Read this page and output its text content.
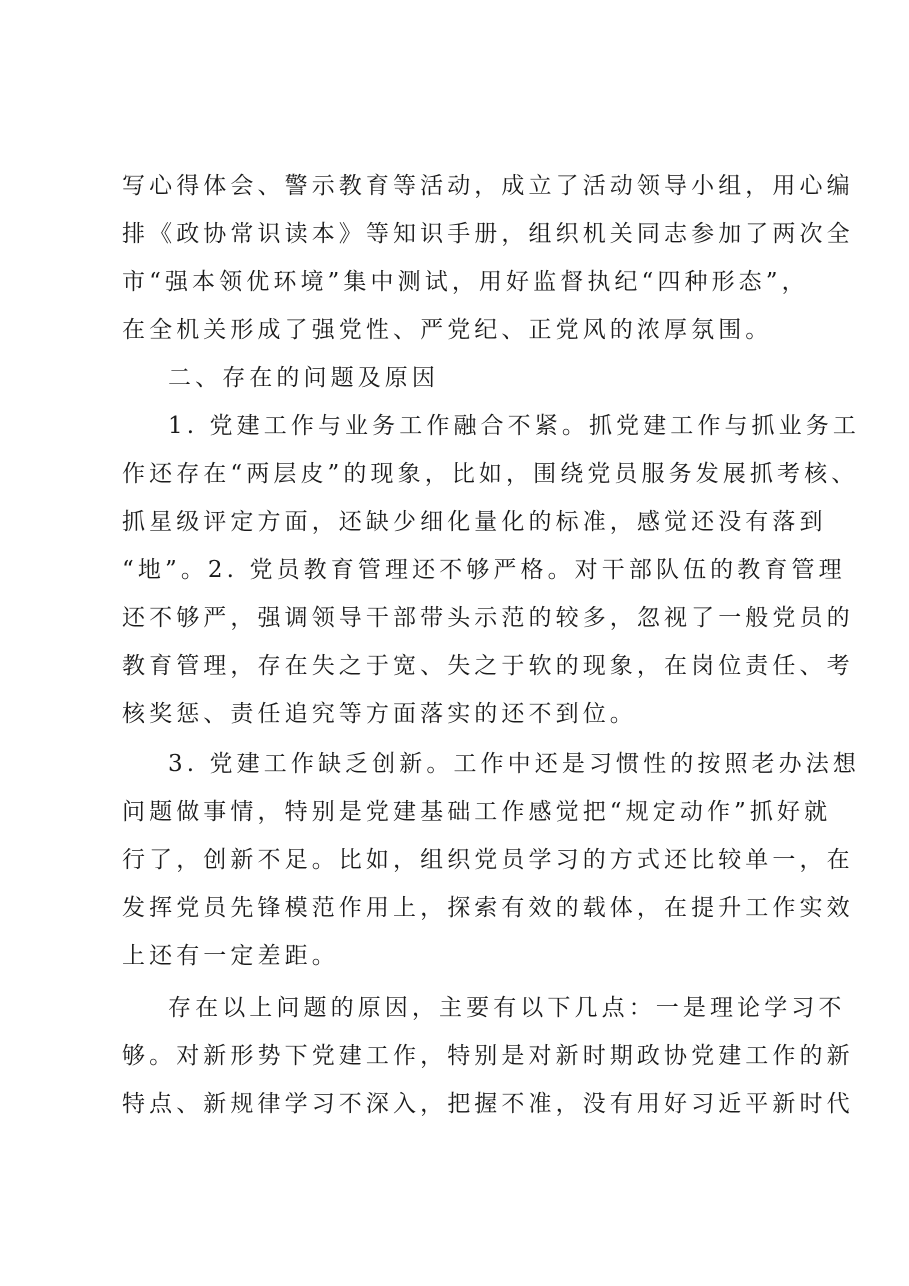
写心得体会、警示教育等活动，成立了活动领导小组，用心编
排《政协常识读本》等知识手册，组织机关同志参加了两次全
市“强本领优环境”集中测试，用好监督执纪“四种形态”，
在全机关形成了强党性、严党纪、正党风的浓厚氛围。

二、存在的问题及原因

1. 党建工作与业务工作融合不紧。抓党建工作与抓业务工
作还存在“两层皮”的现象，比如，围绕党员服务发展抓考核、
抓星级评定方面，还缺少细化量化的标准，感觉还没有落到
“地”。2. 党员教育管理还不够严格。对干部队伍的教育管理
还不够严，强调领导干部带头示范的较多，忽视了一般党员的
教育管理，存在失之于宽、失之于软的现象，在岗位责任、考
核奖惩、责任追究等方面落实的还不到位。

3. 党建工作缺乏创新。工作中还是习惯性的按照老办法想
问题做事情，特别是党建基础工作感觉把“规定动作”抓好就
行了，创新不足。比如，组织党员学习的方式还比较单一，在
发挥党员先锋模范作用上，探索有效的载体，在提升工作实效
上还有一定差距。

存在以上问题的原因，主要有以下几点：一是理论学习不
够。对新形势下党建工作，特别是对新时期政协党建工作的新
特点、新规律学习不深入，把握不准，没有用好习近平新时代
